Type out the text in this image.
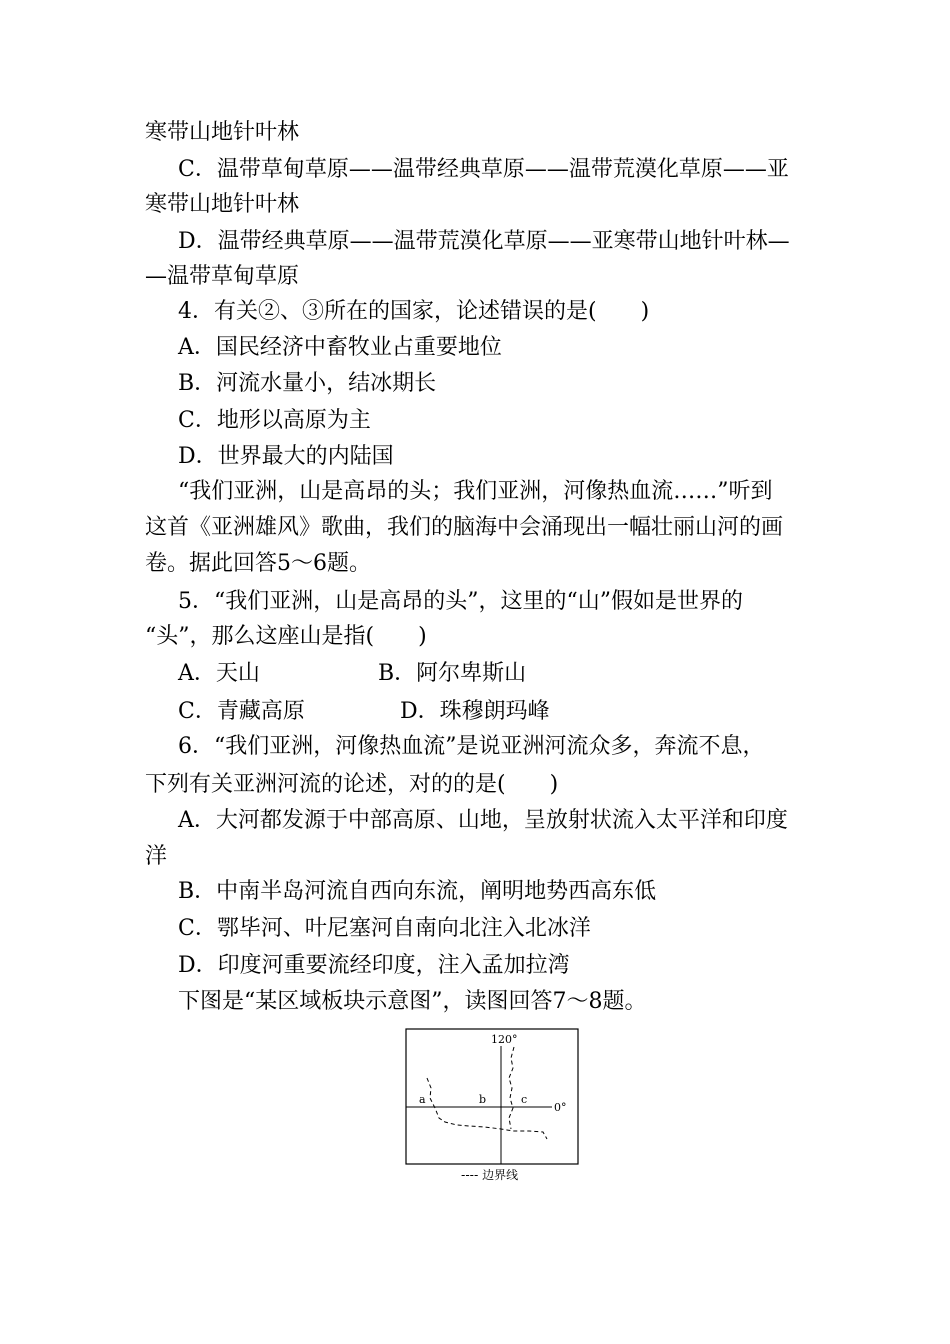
寒带山地针叶林
C．温带草甸草原——温带经典草原——温带荒漠化草原——亚
寒带山地针叶林
D．温带经典草原——温带荒漠化草原——亚寒带山地针叶林—
—温带草甸草原
4．有关②、③所在的国家，论述错误的是(　　)
A．国民经济中畜牧业占重要地位
B．河流水量小，结冰期长
C．地形以高原为主
D．世界最大的内陆国
“我们亚洲，山是高昂的头；我们亚洲，河像热血流……”听到
这首《亚洲雄风》歌曲，我们的脑海中会涌现出一幅壮丽山河的画
卷。据此回答5～6题。
5．“我们亚洲，山是高昂的头”，这里的“山”假如是世界的
“头”，那么这座山是指(　　)
A．天山	B．阿尔卑斯山
C．青藏高原	D．珠穆朗玛峰
6．“我们亚洲，河像热血流”是说亚洲河流众多，奔流不息，
下列有关亚洲河流的论述，对的的是(　　)
A．大河都发源于中部高原、山地，呈放射状流入太平洋和印度
洋
B．中南半岛河流自西向东流，阐明地势西高东低
C．鄂毕河、叶尼塞河自南向北注入北冰洋
D．印度河重要流经印度，注入孟加拉湾
下图是“某区域板块示意图”，读图回答7～8题。
120°
0°
a	b	c
---- 边界线
